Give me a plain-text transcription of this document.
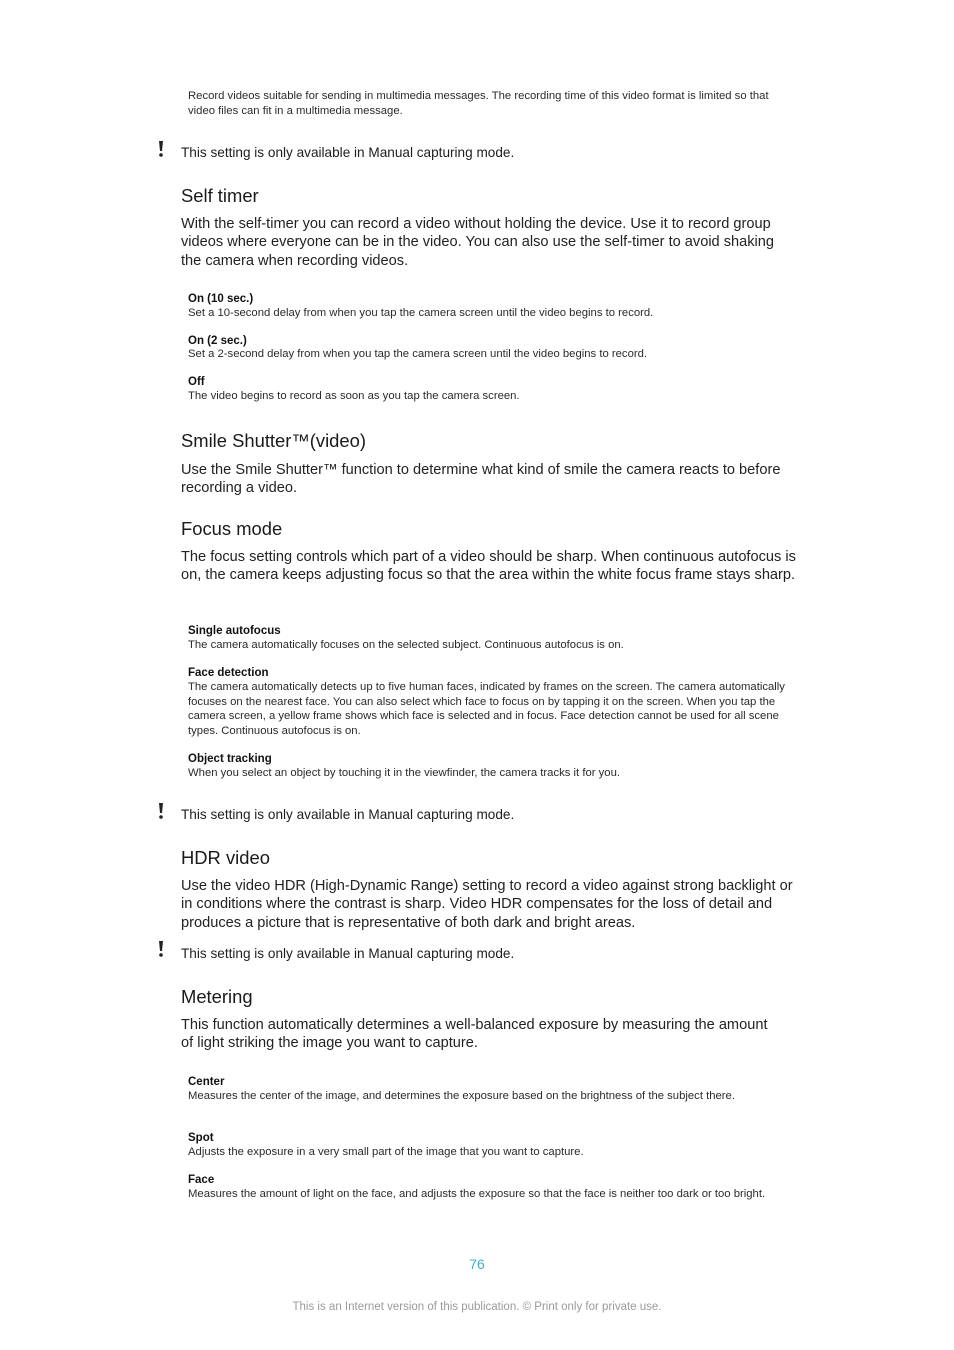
Record videos suitable for sending in multimedia messages. The recording time of this video format is limited so that video files can fit in a multimedia message.
This setting is only available in Manual capturing mode.
Self timer
With the self-timer you can record a video without holding the device. Use it to record group videos where everyone can be in the video. You can also use the self-timer to avoid shaking the camera when recording videos.
On (10 sec.)
Set a 10-second delay from when you tap the camera screen until the video begins to record.
On (2 sec.)
Set a 2-second delay from when you tap the camera screen until the video begins to record.
Off
The video begins to record as soon as you tap the camera screen.
Smile Shutter™(video)
Use the Smile Shutter™ function to determine what kind of smile the camera reacts to before recording a video.
Focus mode
The focus setting controls which part of a video should be sharp. When continuous autofocus is on, the camera keeps adjusting focus so that the area within the white focus frame stays sharp.
Single autofocus
The camera automatically focuses on the selected subject. Continuous autofocus is on.
Face detection
The camera automatically detects up to five human faces, indicated by frames on the screen. The camera automatically focuses on the nearest face. You can also select which face to focus on by tapping it on the screen. When you tap the camera screen, a yellow frame shows which face is selected and in focus. Face detection cannot be used for all scene types. Continuous autofocus is on.
Object tracking
When you select an object by touching it in the viewfinder, the camera tracks it for you.
This setting is only available in Manual capturing mode.
HDR video
Use the video HDR (High-Dynamic Range) setting to record a video against strong backlight or in conditions where the contrast is sharp. Video HDR compensates for the loss of detail and produces a picture that is representative of both dark and bright areas.
This setting is only available in Manual capturing mode.
Metering
This function automatically determines a well-balanced exposure by measuring the amount of light striking the image you want to capture.
Center
Measures the center of the image, and determines the exposure based on the brightness of the subject there.
Spot
Adjusts the exposure in a very small part of the image that you want to capture.
Face
Measures the amount of light on the face, and adjusts the exposure so that the face is neither too dark or too bright.
76
This is an Internet version of this publication. © Print only for private use.
